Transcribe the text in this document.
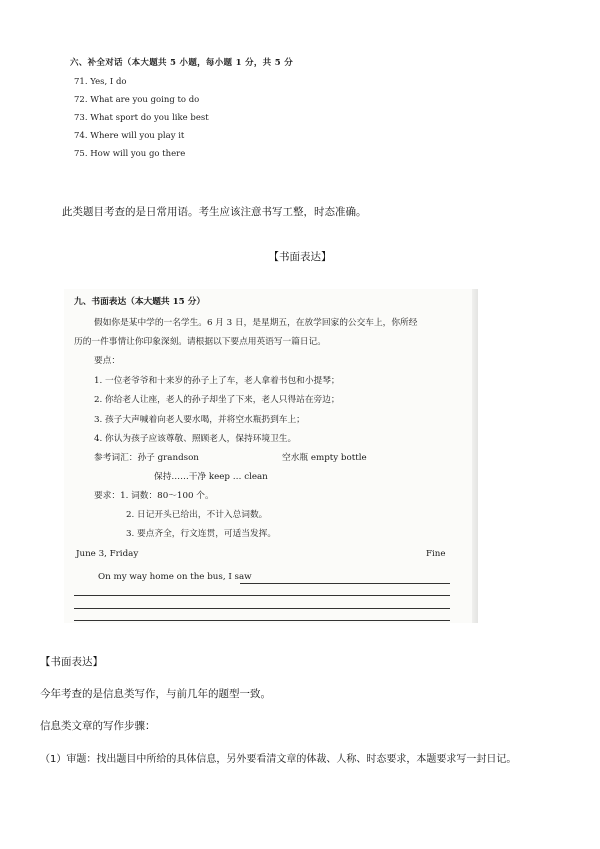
六、补全对话（本大题共 5 小题，每小题 1 分，共 5 分
71. Yes, I do
72. What are you going to do
73. What sport do you like best
74. Where will you play it
75. How will you go there
此类题目考查的是日常用语。考生应该注意书写工整，时态准确。
【书面表达】
九、书面表达（本大题共 15 分）
假如你是某中学的一名学生。6 月 3 日，是星期五，在放学回家的公交车上，你所经
历的一件事情让你印象深刻。请根据以下要点用英语写一篇日记。
要点：
1. 一位老爷爷和十来岁的孙子上了车，老人拿着书包和小提琴；
2. 你给老人让座，老人的孙子却坐了下来，老人只得站在旁边；
3. 孩子大声喊着向老人要水喝，并将空水瓶扔到车上；
4. 你认为孩子应该尊敬、照顾老人，保持环境卫生。
参考词汇：孙子 grandson	空水瓶 empty bottle
保持……干净 keep … clean
要求：1. 词数：80～100 个。
2. 日记开头已给出，不计入总词数。
3. 要点齐全，行文连贯，可适当发挥。
June 3, Friday	Fine
On my way home on the bus, I saw
【书面表达】
今年考查的是信息类写作，与前几年的题型一致。
信息类文章的写作步骤：
（1）审题：找出题目中所给的具体信息，另外要看清文章的体裁、人称、时态要求，本题要求写一封日记。
